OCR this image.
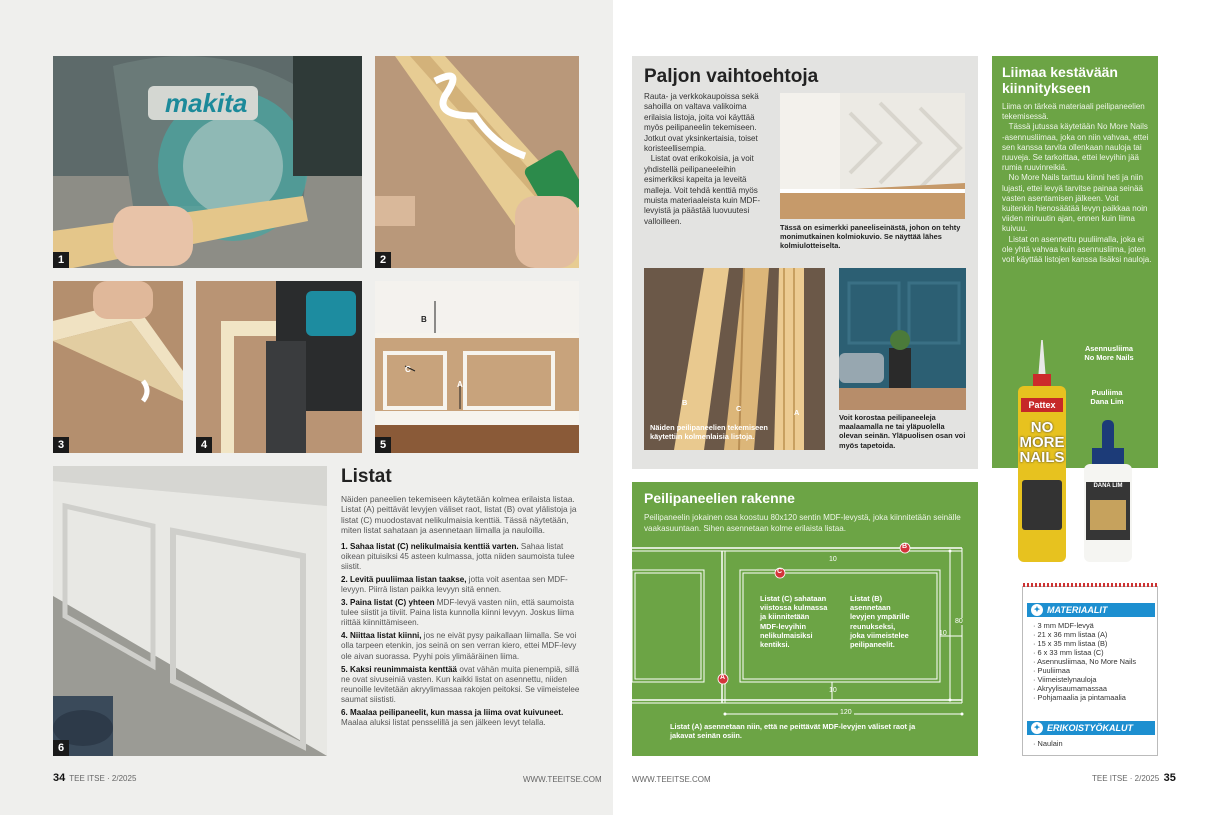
makita
1	2
3	4
B
C
A
5
6
Listat

Näiden paneelien tekemiseen käytetään kolmea erilaista listaa. Listat (A) peittävät levyjen väliset raot, listat (B) ovat ylälistoja ja listat (C) muodostavat nelikulmaisia kenttiä. Tässä näytetään, miten listat sahataan ja asennetaan liimalla ja nauloilla.

1. Sahaa listat (C) nelikulmaisia kenttiä varten. Sahaa listat oikean pituisiksi 45 asteen kulmassa, jotta niiden saumoista tulee siistit.
2. Levitä puuliimaa listan taakse, jotta voit asentaa sen MDF-levyyn. Piirrä listan paikka levyyn sitä ennen.
3. Paina listat (C) yhteen MDF-levyä vasten niin, että saumoista tulee siistit ja tiiviit. Paina lista kunnolla kiinni levyyn. Joskus liima riittää kiinnittämiseen.
4. Niittaa listat kiinni, jos ne eivät pysy paikallaan liimalla. Se voi olla tarpeen etenkin, jos seinä on sen verran kiero, ettei MDF-levy ole aivan suorassa. Pyyhi pois ylimääräinen liima.
5. Kaksi reunimmaista kenttää ovat vähän muita pienempiä, sillä ne ovat sivuseiniä vasten. Kun kaikki listat on asennettu, niiden reunoille levitetään akryylimassaa rakojen peitoksi. Se viimeistelee saumat siististi.
6. Maalaa peilipaneelit, kun massa ja liima ovat kuivuneet. Maalaa aluksi listat pensselillä ja sen jälkeen levyt telalla.
34 TEE ITSE · 2/2025	WWW.TEEITSE.COM
Paljon vaihtoehtoja
Rauta- ja verkkokaupoissa sekä sahoilla on valtava valikoima erilaisia listoja, joita voi käyttää myös peilipaneelin tekemiseen. Jotkut ovat yksinkertaisia, toiset koristeellisempia.
Listat ovat erikokoisia, ja voit yhdistellä peilipaneeleihin esimerkiksi kapeita ja leveitä malleja. Voit tehdä kenttiä myös muista materiaaleista kuin MDF-levyistä ja päästää luovuutesi valloilleen.
Tässä on esimerkki paneeliseinästä, johon on tehty monimutkainen kolmiokuvio. Se näyttää lähes kolmiulotteiselta.
B
C	A
Näiden peilipaneelien tekemiseen käytettiin kolmenlaisia listoja.
Voit korostaa peilipaneeleja maalaamalla ne tai yläpuolella olevan seinän. Yläpuolisen osan voi myös tapetoida.
Liimaa kestävään kiinnitykseen
Liima on tärkeä materiaali peilipaneelien tekemisessä.
Tässä jutussa käytetään No More Nails -asennusliimaa, joka on niin vahvaa, ettei sen kanssa tarvita ollenkaan nauloja tai ruuveja. Se tarkoittaa, ettei levyihin jää rumia ruuvinreikiä.
No More Nails tarttuu kiinni heti ja niin lujasti, ettei levyä tarvitse painaa seinää vasten asentamisen jälkeen. Voit kuitenkin hienosäätää levyn paikkaa noin viiden minuutin ajan, ennen kuin liima kuivuu.
Listat on asennettu puuliimalla, joka ei ole yhtä vahvaa kuin asennusliima, joten voit käyttää listojen kanssa lisäksi nauloja.
Asennusliima
No More Nails
Puuliima
Dana Lim
Pattex
NO
MORE
NAILS
DANA LIM
Peilipaneelien rakenne

Peilipaneelin jokainen osa koostuu 80x120 sentin MDF-levystä, joka kiinnitetään seinälle vaakasuuntaan. Sihen asennetaan kolme erilaista listaa.

B
C
A
Listat (C) sahataan
viistossa kulmassa
ja kiinnitetään
MDF-levyihin
nelikulmaisiksi
kentiksi.
Listat (B)
asennetaan
levyjen ympärille
reunukseksi,
joka viimeistelee
peilipaneelit.
Listat (A) asennetaan niin, että ne peittävät MDF-levyjen väliset raot ja
jakavat seinän osiin.
10
10
10
80
120
✦ MATERIAALIT
· 3 mm MDF-levyä
· 21 x 36 mm listaa (A)
· 15 x 35 mm listaa (B)
· 6 x 33 mm listaa (C)
· Asennusliimaa, No More Nails
· Puuliimaa
· Viimeistelynauloja
· Akryylisaumamassaa
· Pohjamaalia ja pintamaalia
✦ ERIKOISTYÖKALUT
· Naulain
WWW.TEEITSE.COM	TEE ITSE · 2/2025 35
